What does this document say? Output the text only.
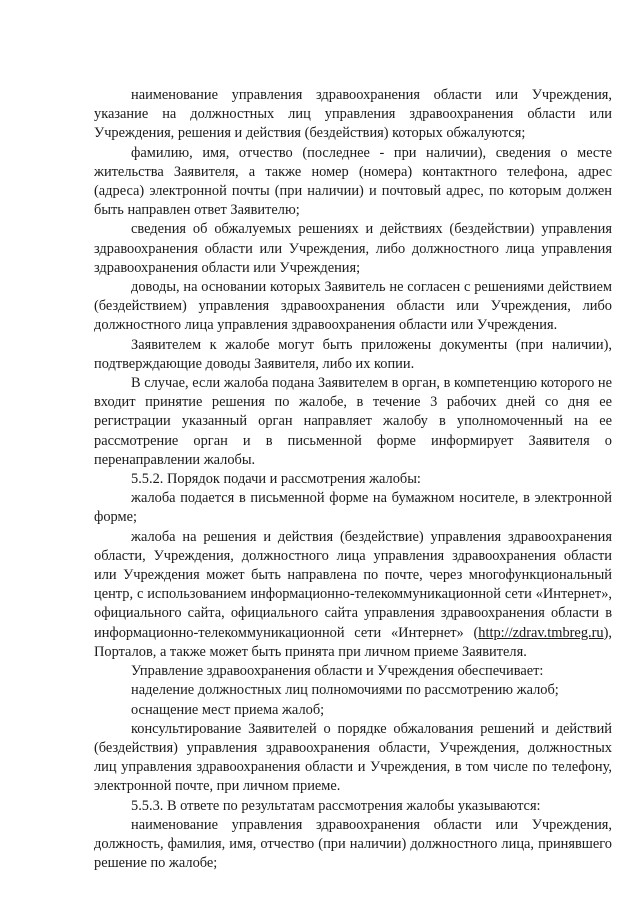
наименование управления здравоохранения области или Учреждения, указание на должностных лиц управления здравоохранения области или Учреждения, решения и действия (бездействия) которых обжалуются;

фамилию, имя, отчество (последнее - при наличии), сведения о месте жительства Заявителя, а также номер (номера) контактного телефона, адрес (адреса) электронной почты (при наличии) и почтовый адрес, по которым должен быть направлен ответ Заявителю;

сведения об обжалуемых решениях и действиях (бездействии) управления здравоохранения области или Учреждения, либо должностного лица управления здравоохранения области или Учреждения;

доводы, на основании которых Заявитель не согласен с решениями действием (бездействием) управления здравоохранения области или Учреждения, либо должностного лица управления здравоохранения области или Учреждения.

Заявителем к жалобе могут быть приложены документы (при наличии), подтверждающие доводы Заявителя, либо их копии.

В случае, если жалоба подана Заявителем в орган, в компетенцию которого не входит принятие решения по жалобе, в течение 3 рабочих дней со дня ее регистрации указанный орган направляет жалобу в уполномоченный на ее рассмотрение орган и в письменной форме информирует Заявителя о перенаправлении жалобы.

5.5.2. Порядок подачи и рассмотрения жалобы:

жалоба подается в письменной форме на бумажном носителе, в электронной форме;

жалоба на решения и действия (бездействие) управления здравоохранения области, Учреждения, должностного лица управления здравоохранения области или Учреждения может быть направлена по почте, через многофункциональный центр, с использованием информационно-телекоммуникационной сети «Интернет», официального сайта, официального сайта управления здравоохранения области в информационно-телекоммуникационной сети «Интернет» (http://zdrav.tmbreg.ru), Порталов, а также может быть принята при личном приеме Заявителя.

Управление здравоохранения области и Учреждения обеспечивает:

наделение должностных лиц полномочиями по рассмотрению жалоб;

оснащение мест приема жалоб;

консультирование Заявителей о порядке обжалования решений и действий (бездействия) управления здравоохранения области, Учреждения, должностных лиц управления здравоохранения области и Учреждения, в том числе по телефону, электронной почте, при личном приеме.

5.5.3. В ответе по результатам рассмотрения жалобы указываются:

наименование управления здравоохранения области или Учреждения, должность, фамилия, имя, отчество (при наличии) должностного лица, принявшего решение по жалобе;
